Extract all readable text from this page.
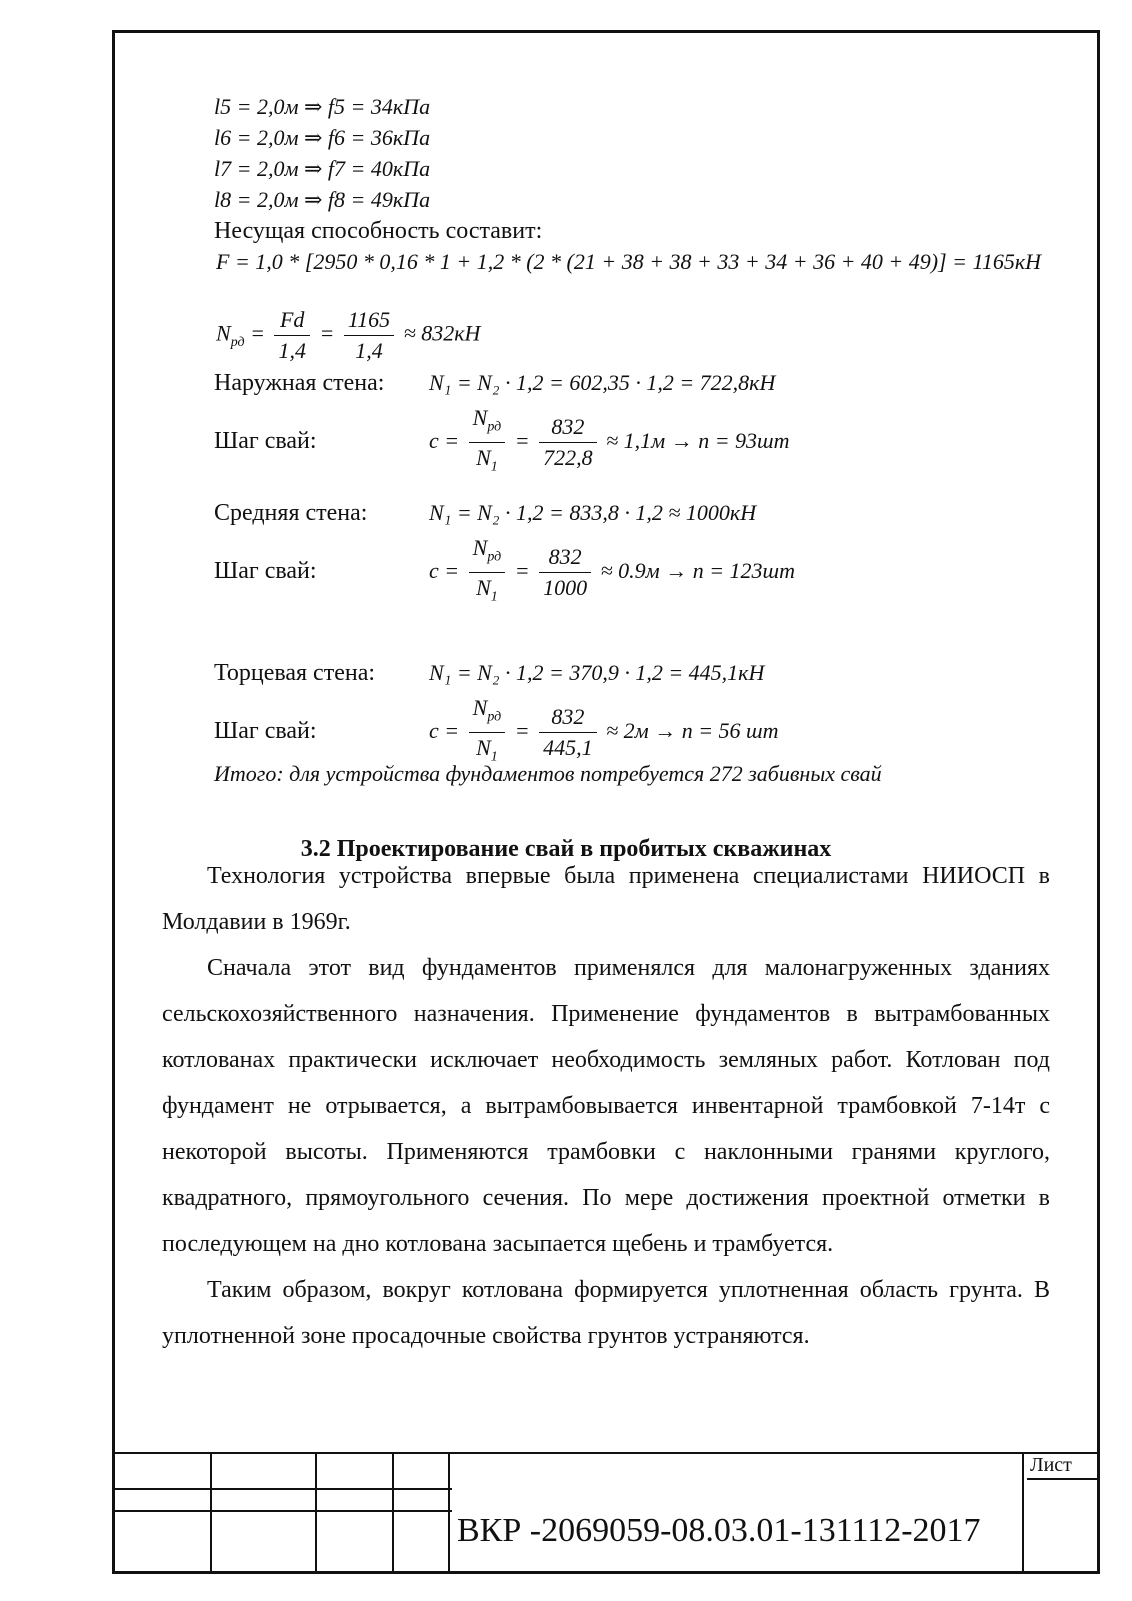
l5 = 2,0м ⇒ f5 = 34кПа
l6 = 2,0м ⇒ f6 = 36кПа
l7 = 2,0м ⇒ f7 = 40кПа
l8 = 2,0м ⇒ f8 = 49кПа
Несущая способность составит:
F = 1,0 * [2950 * 0,16 * 1 + 1,2 * (2 * (21 + 38 + 38 + 33 + 34 + 36 + 40 + 49)] = 1165кН
$N_{рд} = \frac{Fd}{1,4} = \frac{1165}{1,4} \approx 832кН$
Наружная стена: N₁ = N₂ · 1,2 = 602,35 · 1,2 = 722,8кН
Шаг свай:	$c = \frac{N_{рд}}{N_1} = \frac{832}{722,8} \approx 1,1м \to n = 93шт$
Средняя стена:	N₁ = N₂ · 1,2 = 833,8 · 1,2 ≈ 1000кН
Шаг свай:	$c = \frac{N_{рд}}{N_1} = \frac{832}{1000} \approx 0.9м \to n = 123шт$
Торцевая стена: N₁ = N₂ · 1,2 = 370,9 · 1,2 = 445,1кН
Шаг свай:	$c = \frac{N_{рд}}{N_1} = \frac{832}{445,1} \approx 2м \to n = 56$ шт
Итого: для устройства фундаментов потребуется 272 забивных свай
3.2 Проектирование свай в пробитых скважинах

Технология устройства впервые была применена специалистами НИИОСП в Молдавии в 1969г.

Сначала этот вид фундаментов применялся для малонагруженных зданиях сельскохозяйственного назначения. Применение фундаментов в вытрамбованных котлованах практически исключает необходимость земляных работ. Котлован под фундамент не отрывается, а вытрамбовывается инвентарной трамбовкой 7-14т с некоторой высоты. Применяются трамбовки с наклонными гранями круглого, квадратного, прямоугольного сечения. По мере достижения проектной отметки в последующем на дно котлована засыпается щебень и трамбуется.

Таким образом, вокруг котлована формируется уплотненная область грунта. В уплотненной зоне просадочные свойства грунтов устраняются.

ВКР -2069059-08.03.01-131112-2017
Лист
